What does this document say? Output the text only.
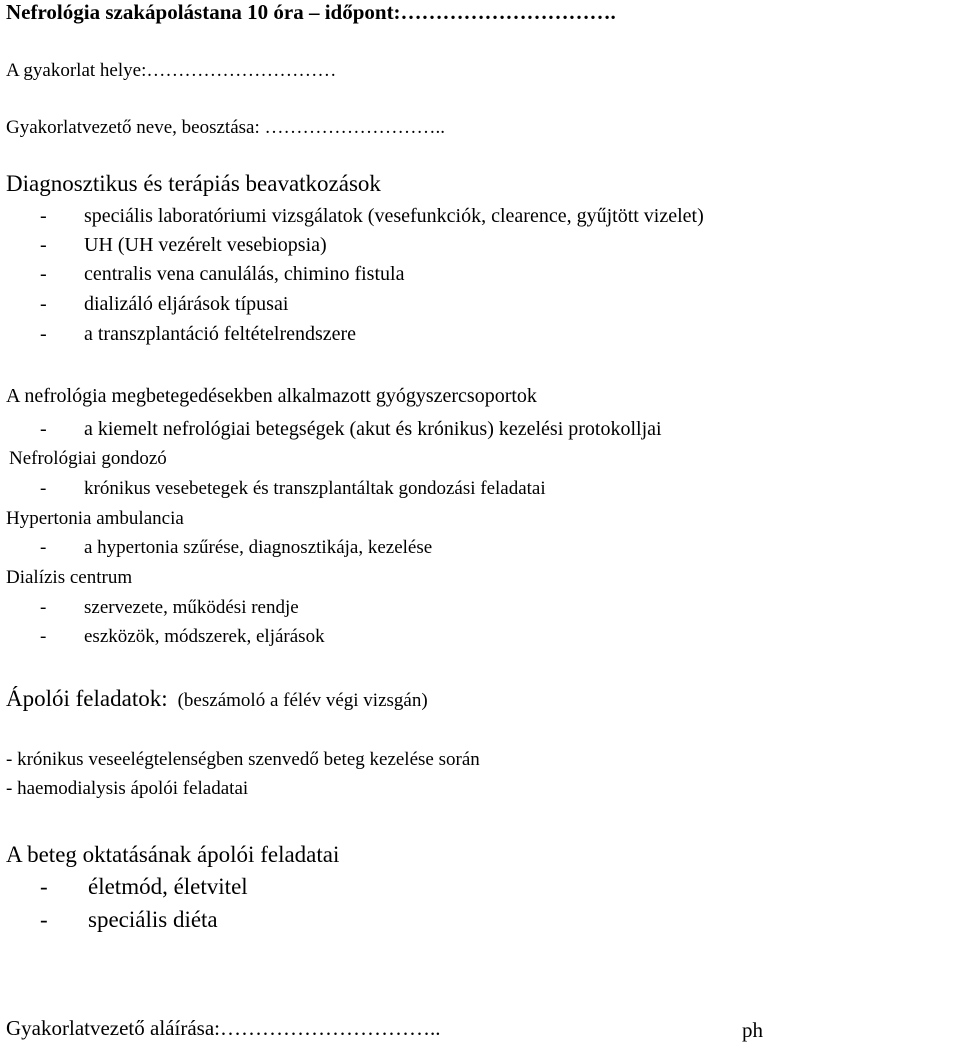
Nefrológia szakápolástana 10 óra – időpont:………………………….
A gyakorlat helye:…………………………
Gyakorlatvezető neve, beosztása: ………………………..
Diagnosztikus és terápiás beavatkozások
- speciális laboratóriumi vizsgálatok (vesefunkciók, clearence, gyűjtött vizelet)
- UH (UH vezérelt vesebiopsia)
- centralis vena canulálás, chimino fistula
- dializáló eljárások típusai
- a transzplantáció feltételrendszere
A nefrológia megbetegedésekben alkalmazott gyógyszercsoportok
- a kiemelt nefrológiai betegségek (akut és krónikus) kezelési protokolljai
Nefrológiai gondozó
- krónikus vesebetegek és transzplantáltak gondozási feladatai
Hypertonia ambulancia
- a hypertonia szűrése, diagnosztikája, kezelése
Dialízis centrum
- szervezete, működési rendje
- eszközök, módszerek, eljárások
Ápolói feladatok: (beszámoló a félév végi vizsgán)
- krónikus veseelégtelenségben szenvedő beteg kezelése során
- haemodialysis ápolói feladatai
A beteg oktatásának ápolói feladatai
- életmód, életvitel
- speciális diéta
Gyakorlatvezető aláírása:…………………………..	ph
